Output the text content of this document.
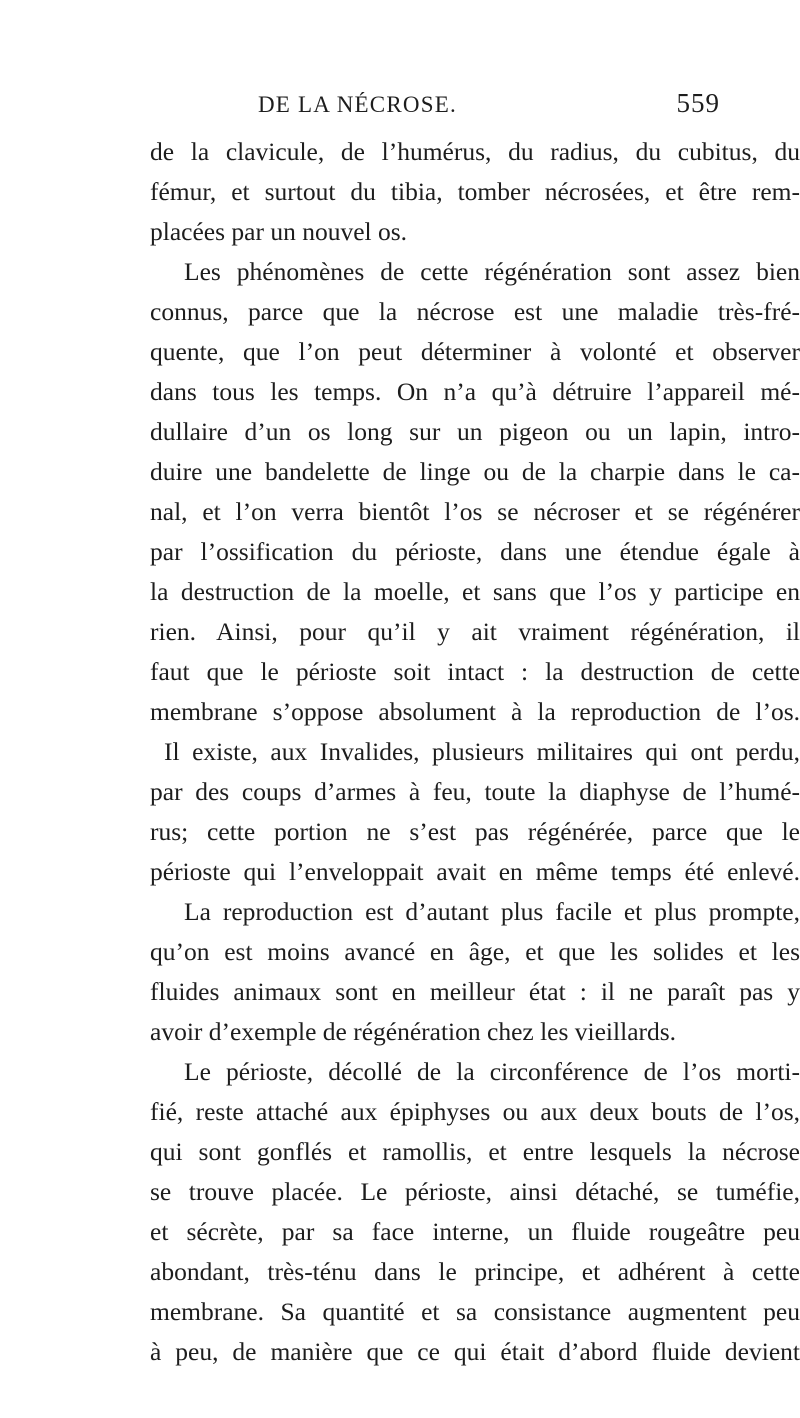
DE LA NÉCROSE.	559
de la clavicule, de l’humérus, du radius, du cubitus, du
fémur, et surtout du tibia, tomber nécrosées, et être rem-
placées par un nouvel os.
Les phénomènes de cette régénération sont assez bien
connus, parce que la nécrose est une maladie très-fré-
quente, que l’on peut déterminer à volonté et observer
dans tous les temps. On n’a qu’à détruire l’appareil mé-
dullaire d’un os long sur un pigeon ou un lapin, intro-
duire une bandelette de linge ou de la charpie dans le ca-
nal, et l’on verra bientôt l’os se nécroser et se régénérer
par l’ossification du périoste, dans une étendue égale à
la destruction de la moelle, et sans que l’os y participe en
rien. Ainsi, pour qu’il y ait vraiment régénération, il
faut que le périoste soit intact : la destruction de cette
membrane s’oppose absolument à la reproduction de l’os.
Il existe, aux Invalides, plusieurs militaires qui ont perdu,
par des coups d’armes à feu, toute la diaphyse de l’humé-
rus; cette portion ne s’est pas régénérée, parce que le
périoste qui l’enveloppait avait en même temps été enlevé.
La reproduction est d’autant plus facile et plus prompte,
qu’on est moins avancé en âge, et que les solides et les
fluides animaux sont en meilleur état : il ne paraît pas y
avoir d’exemple de régénération chez les vieillards.
Le périoste, décollé de la circonférence de l’os morti-
fié, reste attaché aux épiphyses ou aux deux bouts de l’os,
qui sont gonflés et ramollis, et entre lesquels la nécrose
se trouve placée. Le périoste, ainsi détaché, se tuméfie,
et sécrète, par sa face interne, un fluide rougeâtre peu
abondant, très-ténu dans le principe, et adhérent à cette
membrane. Sa quantité et sa consistance augmentent peu
à peu, de manière que ce qui était d’abord fluide devient
